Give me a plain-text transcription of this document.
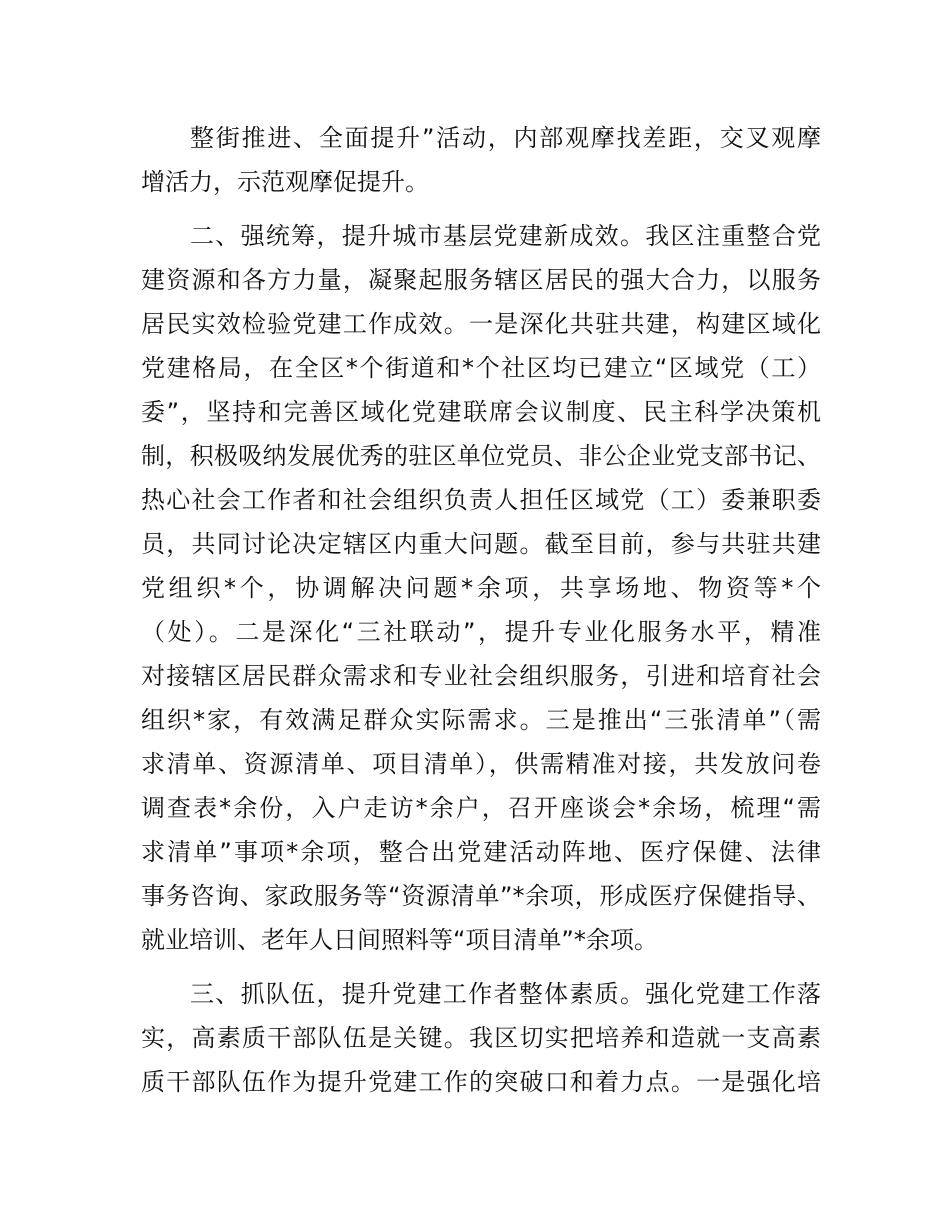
整街推进、全面提升”活动，内部观摩找差距，交叉观摩

增活力，示范观摩促提升。

二、强统筹，提升城市基层党建新成效。我区注重整合党

建资源和各方力量，凝聚起服务辖区居民的强大合力，以服务

居民实效检验党建工作成效。一是深化共驻共建，构建区域化

党建格局，在全区*个街道和*个社区均已建立“区域党（工）

委”，坚持和完善区域化党建联席会议制度、民主科学决策机

制，积极吸纳发展优秀的驻区单位党员、非公企业党支部书记、

热心社会工作者和社会组织负责人担任区域党（工）委兼职委

员，共同讨论决定辖区内重大问题。截至目前，参与共驻共建

党组织*个，协调解决问题*余项，共享场地、物资等*个

（处）。二是深化“三社联动”，提升专业化服务水平，精准

对接辖区居民群众需求和专业社会组织服务，引进和培育社会

组织*家，有效满足群众实际需求。三是推出“三张清单”（需

求清单、资源清单、项目清单），供需精准对接，共发放问卷

调查表*余份，入户走访*余户，召开座谈会*余场，梳理“需

求清单”事项*余项，整合出党建活动阵地、医疗保健、法律

事务咨询、家政服务等“资源清单”*余项，形成医疗保健指导、

就业培训、老年人日间照料等“项目清单”*余项。

三、抓队伍，提升党建工作者整体素质。强化党建工作落

实，高素质干部队伍是关键。我区切实把培养和造就一支高素

质干部队伍作为提升党建工作的突破口和着力点。一是强化培
